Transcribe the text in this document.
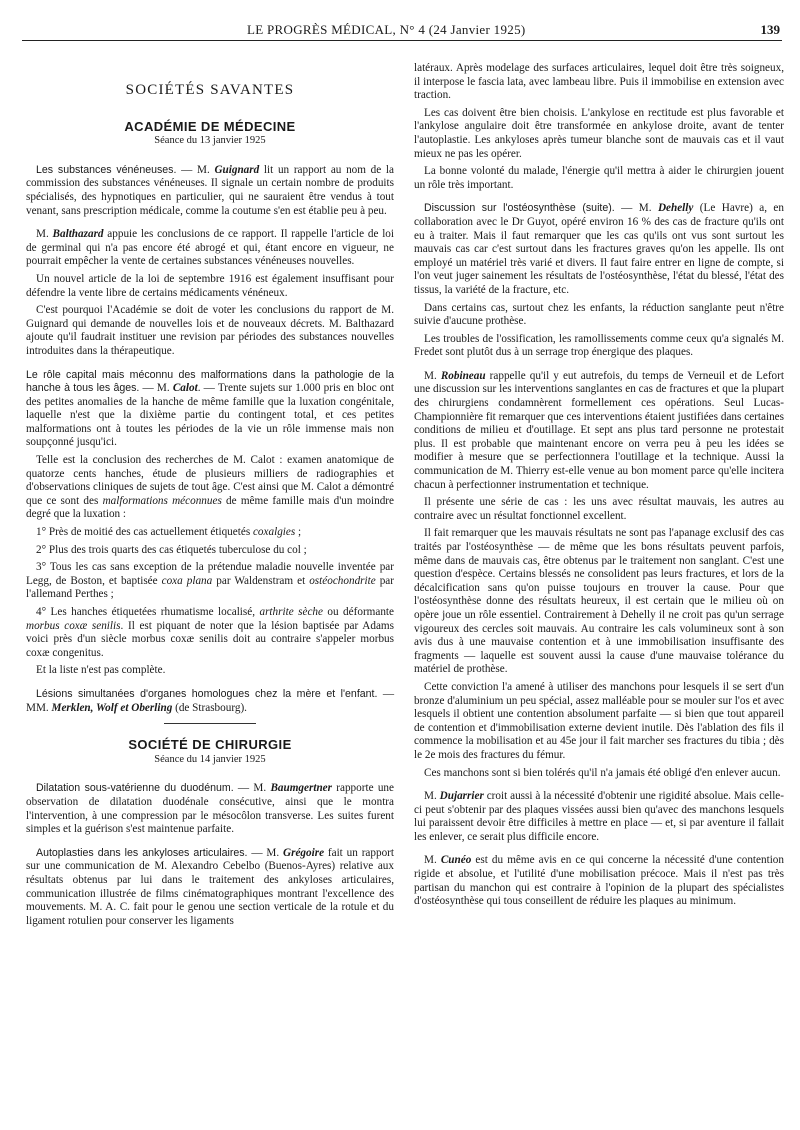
LE PROGRÈS MÉDICAL, N° 4 (24 Janvier 1925)	139
SOCIÉTÉS SAVANTES
ACADÉMIE DE MÉDECINE
Séance du 13 janvier 1925

Les substances vénéneuses. — M. Guignard lit un rapport au nom de la commission des substances vénéneuses. Il signale un certain nombre de produits spécialisés, des hypnotiques en particulier, qui ne sauraient être vendus à tout venant, sans prescription médicale, comme la coutume s'en est établie peu à peu.

M. Balthazard appuie les conclusions de ce rapport. Il rappelle l'article de loi de germinal qui n'a pas encore été abrogé et qui, étant encore en vigueur, ne pourrait empêcher la vente de certaines substances vénéneuses nouvelles.

Un nouvel article de la loi de septembre 1916 est également insuffisant pour défendre la vente libre de certains médicaments vénéneux.

C'est pourquoi l'Académie se doit de voter les conclusions du rapport de M. Guignard qui demande de nouvelles lois et de nouveaux décrets. M. Balthazard ajoute qu'il faudrait instituer une revision par périodes des substances nouvelles introduites dans la thérapeutique.

Le rôle capital mais méconnu des malformations dans la pathologie de la hanche à tous les âges. — M. Calot. — Trente sujets sur 1.000 pris en bloc ont des petites anomalies de la hanche de même famille que la luxation congénitale, laquelle n'est que la dixième partie du contingent total, et ces petites malformations ont à toutes les périodes de la vie un rôle immense mais non soupçonné jusqu'ici.

Telle est la conclusion des recherches de M. Calot : examen anatomique de quatorze cents hanches, étude de plusieurs milliers de radiographies et d'observations cliniques de sujets de tout âge. C'est ainsi que M. Calot a démontré que ce sont des malformations méconnues de même famille mais d'un moindre degré que la luxation :

1° Près de moitié des cas actuellement étiquetés coxalgies ;

2° Plus des trois quarts des cas étiquetés tuberculose du col ;

3° Tous les cas sans exception de la prétendue maladie nouvelle inventée par Legg, de Boston, et baptisée coxa plana par Waldenstram et ostéochondrite par l'allemand Perthes ;

4° Les hanches étiquetées rhumatisme localisé, arthrite sèche ou déformante morbus coxæ senilis. Il est piquant de noter que la lésion baptisée par Adams voici près d'un siècle morbus coxæ senilis doit au contraire s'appeler morbus coxæ congenitus.

Et la liste n'est pas complète.

Lésions simultanées d'organes homologues chez la mère et l'enfant. — MM. Merklen, Wolf et Oberling (de Strasbourg).

SOCIÉTÉ DE CHIRURGIE
Séance du 14 janvier 1925

Dilatation sous-vatérienne du duodénum. — M. Baumgertner rapporte une observation de dilatation duodénale consécutive, ainsi que le montra l'intervention, à une compression par le mésocôlon transverse. Les suites furent simples et la guérison s'est maintenue parfaite.

Autoplasties dans les ankyloses articulaires. — M. Grégoire fait un rapport sur une communication de M. Alexandro Cebelbo (Buenos-Ayres) relative aux résultats obtenus par lui dans le traitement des ankyloses articulaires, communication illustrée de films cinématographiques montrant l'excellence des mouvements. M. A. C. fait pour le genou une section verticale de la rotule et du ligament rotulien pour conserver les ligaments

latéraux. Après modelage des surfaces articulaires, lequel doit être très soigneux, il interpose le fascia lata, avec lambeau libre. Puis il immobilise en extension avec traction.

Les cas doivent être bien choisis. L'ankylose en rectitude est plus favorable et l'ankylose angulaire doit être transformée en ankylose droite, avant de tenter l'autoplastie. Les ankyloses après tumeur blanche sont de mauvais cas et il vaut mieux ne pas les opérer.

La bonne volonté du malade, l'énergie qu'il mettra à aider le chirurgien jouent un rôle très important.

Discussion sur l'ostéosynthèse (suite). — M. Dehelly (Le Havre) a, en collaboration avec le Dr Guyot, opéré environ 16 % des cas de fracture qu'ils ont eu à traiter. Mais il faut remarquer que les cas qu'ils ont vus sont surtout les mauvais cas car c'est surtout dans les fractures graves qu'on les appelle. Ils ont employé un matériel très varié et divers. Il faut faire entrer en ligne de compte, si l'on veut juger sainement les résultats de l'ostéosynthèse, l'état du blessé, l'état des tissus, la variété de la fracture, etc.

Dans certains cas, surtout chez les enfants, la réduction sanglante peut n'être suivie d'aucune prothèse.

Les troubles de l'ossification, les ramollissements comme ceux qu'a signalés M. Fredet sont plutôt dus à un serrage trop énergique des plaques.

M. Robineau rappelle qu'il y eut autrefois, du temps de Verneuil et de Lefort une discussion sur les interventions sanglantes en cas de fractures et que la plupart des chirurgiens condamnèrent formellement ces opérations. Seul Lucas-Championnière fit remarquer que ces interventions étaient justifiées dans certaines conditions de milieu et d'outillage. Et sept ans plus tard personne ne protestait plus. Il est probable que maintenant encore on verra peu à peu les idées se modifier à mesure que se perfectionnera l'outillage et la technique. Aussi la communication de M. Thierry est-elle venue au bon moment parce qu'elle incitera chacun à perfectionner instrumentation et technique.

Il présente une série de cas : les uns avec résultat mauvais, les autres au contraire avec un résultat fonctionnel excellent.

Il fait remarquer que les mauvais résultats ne sont pas l'apanage exclusif des cas traités par l'ostéosynthèse — de même que les bons résultats peuvent parfois, même dans de mauvais cas, être obtenus par le traitement non sanglant. C'est une question d'espèce. Certains blessés ne consolident pas leurs fractures, et lors de la décalcification sans qu'on puisse toujours en trouver la cause. Pour que l'ostéosynthèse donne des résultats heureux, il est certain que le milieu où on opère joue un rôle essentiel. Contrairement à Dehelly il ne croit pas qu'un serrage vigoureux des cercles soit mauvais. Au contraire les cals volumineux sont à son avis dus à une mauvaise contention et à une immobilisation insuffisante des fragments — laquelle est souvent aussi la cause d'une mauvaise tolérance du matériel de prothèse.

Cette conviction l'a amené à utiliser des manchons pour lesquels il se sert d'un bronze d'aluminium un peu spécial, assez malléable pour se mouler sur l'os et avec lesquels il obtient une contention absolument parfaite — si bien que tout appareil de contention et d'immobilisation externe devient inutile. Dès l'ablation des fils il commence la mobilisation et au 45e jour il fait marcher ses fractures du tibia ; dès le 2e mois des fractures du fémur.

Ces manchons sont si bien tolérés qu'il n'a jamais été obligé d'en enlever aucun.

M. Dujarrier croit aussi à la nécessité d'obtenir une rigidité absolue. Mais celle-ci peut s'obtenir par des plaques vissées aussi bien qu'avec des manchons lesquels lui paraissent devoir être difficiles à mettre en place — et, si par aventure il fallait les enlever, ce serait plus difficile encore.

M. Cunéo est du même avis en ce qui concerne la nécessité d'une contention rigide et absolue, et l'utilité d'une mobilisation précoce. Mais il n'est pas très partisan du manchon qui est contraire à l'opinion de la plupart des spécialistes d'ostéosynthèse qui tous conseillent de réduire les plaques au minimum.
